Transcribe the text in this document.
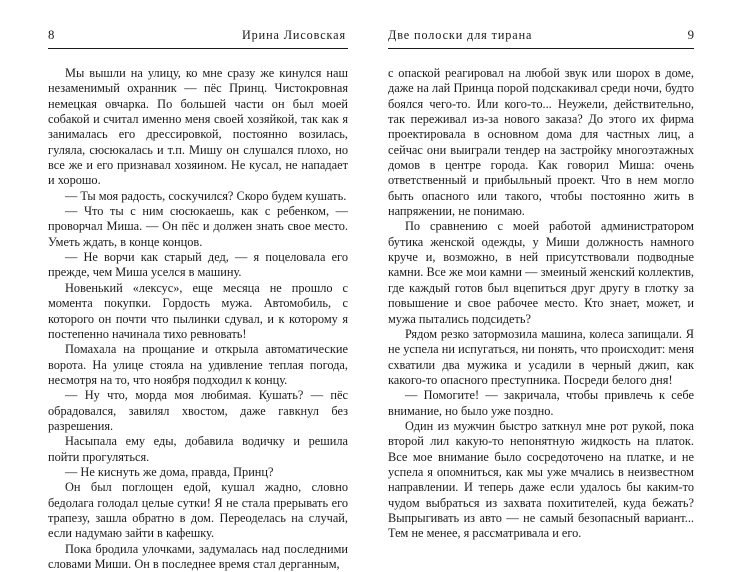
8	Ирина Лисовская

Мы вышли на улицу, ко мне сразу же кинулся наш незаменимый охранник — пёс Принц. Чистокровная немецкая овчарка. По большей части он был моей собакой и считал именно меня своей хозяйкой, так как я занималась его дрессировкой, постоянно возилась, гуляла, сюсюкалась и т.п. Мишу он слушался плохо, но все же и его признавал хозяином. Не кусал, не нападает и хорошо.

— Ты моя радость, соскучился? Скоро будем кушать.

— Что ты с ним сюсюкаешь, как с ребенком, — проворчал Миша. — Он пёс и должен знать свое место. Уметь ждать, в конце концов.

— Не ворчи как старый дед, — я поцеловала его прежде, чем Миша уселся в машину.

Новенький «лексус», еще месяца не прошло с момента покупки. Гордость мужа. Автомобиль, с которого он почти что пылинки сдувал, и к которому я постепенно начинала тихо ревновать!

Помахала на прощание и открыла автоматические ворота. На улице стояла на удивление теплая погода, несмотря на то, что ноября подходил к концу.

— Ну что, морда моя любимая. Кушать? — пёс обрадовался, завилял хвостом, даже гавкнул без разрешения.

Насыпала ему еды, добавила водичку и решила пойти прогуляться.

— Не киснуть же дома, правда, Принц?

Он был поглощен едой, кушал жадно, словно бедолага голодал целые сутки! Я не стала прерывать его трапезу, зашла обратно в дом. Переоделась на случай, если надумаю зайти в кафешку.

Пока бродила улочками, задумалась над последними словами Миши. Он в последнее время стал дерганным,

Две полоски для тирана	9

с опаской реагировал на любой звук или шорох в доме, даже на лай Принца порой подскакивал среди ночи, будто боялся чего-то. Или кого-то... Неужели, действительно, так переживал из-за нового заказа? До этого их фирма проектировала в основном дома для частных лиц, а сейчас они выиграли тендер на застройку многоэтажных домов в центре города. Как говорил Миша: очень ответственный и прибыльный проект. Что в нем могло быть опасного или такого, чтобы постоянно жить в напряжении, не понимаю.

По сравнению с моей работой администратором бутика женской одежды, у Миши должность намного круче и, возможно, в ней присутствовали подводные камни. Все же мои камни — змеиный женский коллектив, где каждый готов был вцепиться друг другу в глотку за повышение и свое рабочее место. Кто знает, может, и мужа пытались подсидеть?

Рядом резко затормозила машина, колеса запищали. Я не успела ни испугаться, ни понять, что происходит: меня схватили два мужика и усадили в черный джип, как какого-то опасного преступника. Посреди белого дня!

— Помогите! — закричала, чтобы привлечь к себе внимание, но было уже поздно.

Один из мужчин быстро заткнул мне рот рукой, пока второй лил какую-то непонятную жидкость на платок. Все мое внимание было сосредоточено на платке, и не успела я опомниться, как мы уже мчались в неизвестном направлении. И теперь даже если удалось бы каким-то чудом выбраться из захвата похитителей, куда бежать? Выпрыгивать из авто — не самый безопасный вариант... Тем не менее, я рассматривала и его.
